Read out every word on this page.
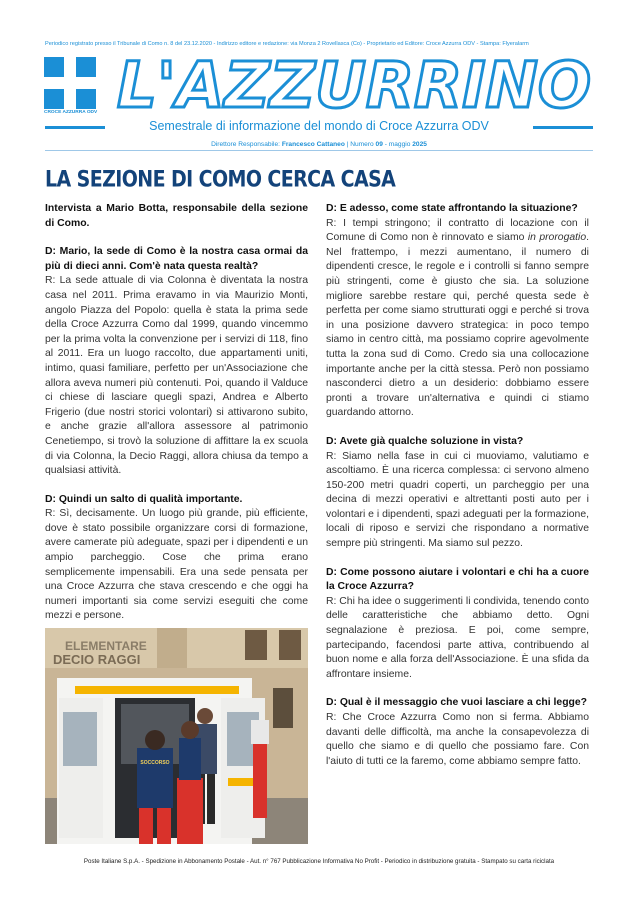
Periodico registrato presso il Tribunale di Como n. 8 del 23.12.2020 - Indirizzo editore e redazione: via Monza 2 Rovellasca (Co) - Proprietario ed Editore: Croce Azzurra ODV - Stampa: Flyeralarm
CROCE AZZURRA ODV L'AZZURRINO
Semestrale di informazione del mondo di Croce Azzurra ODV
Direttore Responsabile: Francesco Cattaneo | Numero 09 - maggio 2025
LA SEZIONE DI COMO CERCA CASA

Intervista a Mario Botta, responsabile della sezione di Como.

D: Mario, la sede di Como è la nostra casa ormai da più di dieci anni. Com'è nata questa realtà?

R: La sede attuale di via Colonna è diventata la nostra casa nel 2011. Prima eravamo in via Maurizio Monti, angolo Piazza del Popolo: quella è stata la prima sede della Croce Azzurra Como dal 1999, quando vincemmo per la prima volta la convenzione per i servizi di 118, fino al 2011. Era un luogo raccolto, due appartamenti uniti, intimo, quasi familiare, perfetto per un'Associazione che allora aveva numeri più contenuti. Poi, quando il Valduce ci chiese di lasciare quegli spazi, Andrea e Alberto Frigerio (due nostri storici volontari) si attivarono subito, e anche grazie all'allora assessore al patrimonio Cenetiempo, si trovò la soluzione di affittare la ex scuola di via Colonna, la Decio Raggi, allora chiusa da tempo a qualsiasi attività.

D: Quindi un salto di qualità importante.

R: Sì, decisamente. Un luogo più grande, più efficiente, dove è stato possibile organizzare corsi di formazione, avere camerate più adeguate, spazi per i dipendenti e un ampio parcheggio. Cose che prima erano semplicemente impensabili. Era una sede pensata per una Croce Azzurra che stava crescendo e che oggi ha numeri importanti sia come servizi eseguiti che come mezzi e persone.

ELEMENTARE
DECIO RAGGI
SOCCORSO

D: E adesso, come state affrontando la situazione?

R: I tempi stringono; il contratto di locazione con il Comune di Como non è rinnovato e siamo in prorogatio. Nel frattempo, i mezzi aumentano, il numero di dipendenti cresce, le regole e i controlli si fanno sempre più stringenti, come è giusto che sia. La soluzione migliore sarebbe restare qui, perché questa sede è perfetta per come siamo strutturati oggi e perché si trova in una posizione davvero strategica: in poco tempo siamo in centro città, ma possiamo coprire agevolmente tutta la zona sud di Como. Credo sia una collocazione importante anche per la città stessa. Però non possiamo nasconderci dietro a un desiderio: dobbiamo essere pronti a trovare un'alternativa e quindi ci stiamo guardando attorno.

D: Avete già qualche soluzione in vista?

R: Siamo nella fase in cui ci muoviamo, valutiamo e ascoltiamo. È una ricerca complessa: ci servono almeno 150-200 metri quadri coperti, un parcheggio per una decina di mezzi operativi e altrettanti posti auto per i volontari e i dipendenti, spazi adeguati per la formazione, locali di riposo e servizi che rispondano a normative sempre più stringenti. Ma siamo sul pezzo.

D: Come possono aiutare i volontari e chi ha a cuore la Croce Azzurra?

R: Chi ha idee o suggerimenti li condivida, tenendo conto delle caratteristiche che abbiamo detto. Ogni segnalazione è preziosa. E poi, come sempre, partecipando, facendosi parte attiva, contribuendo al buon nome e alla forza dell'Associazione. È una sfida da affrontare insieme.

D: Qual è il messaggio che vuoi lasciare a chi legge?

R: Che Croce Azzurra Como non si ferma. Abbiamo davanti delle difficoltà, ma anche la consapevolezza di quello che siamo e di quello che possiamo fare. Con l'aiuto di tutti ce la faremo, come abbiamo sempre fatto.

Poste Italiane S.p.A. - Spedizione in Abbonamento Postale - Aut. n° 767 Pubblicazione Informativa No Profit - Periodico in distribuzione gratuita - Stampato su carta riciclata
